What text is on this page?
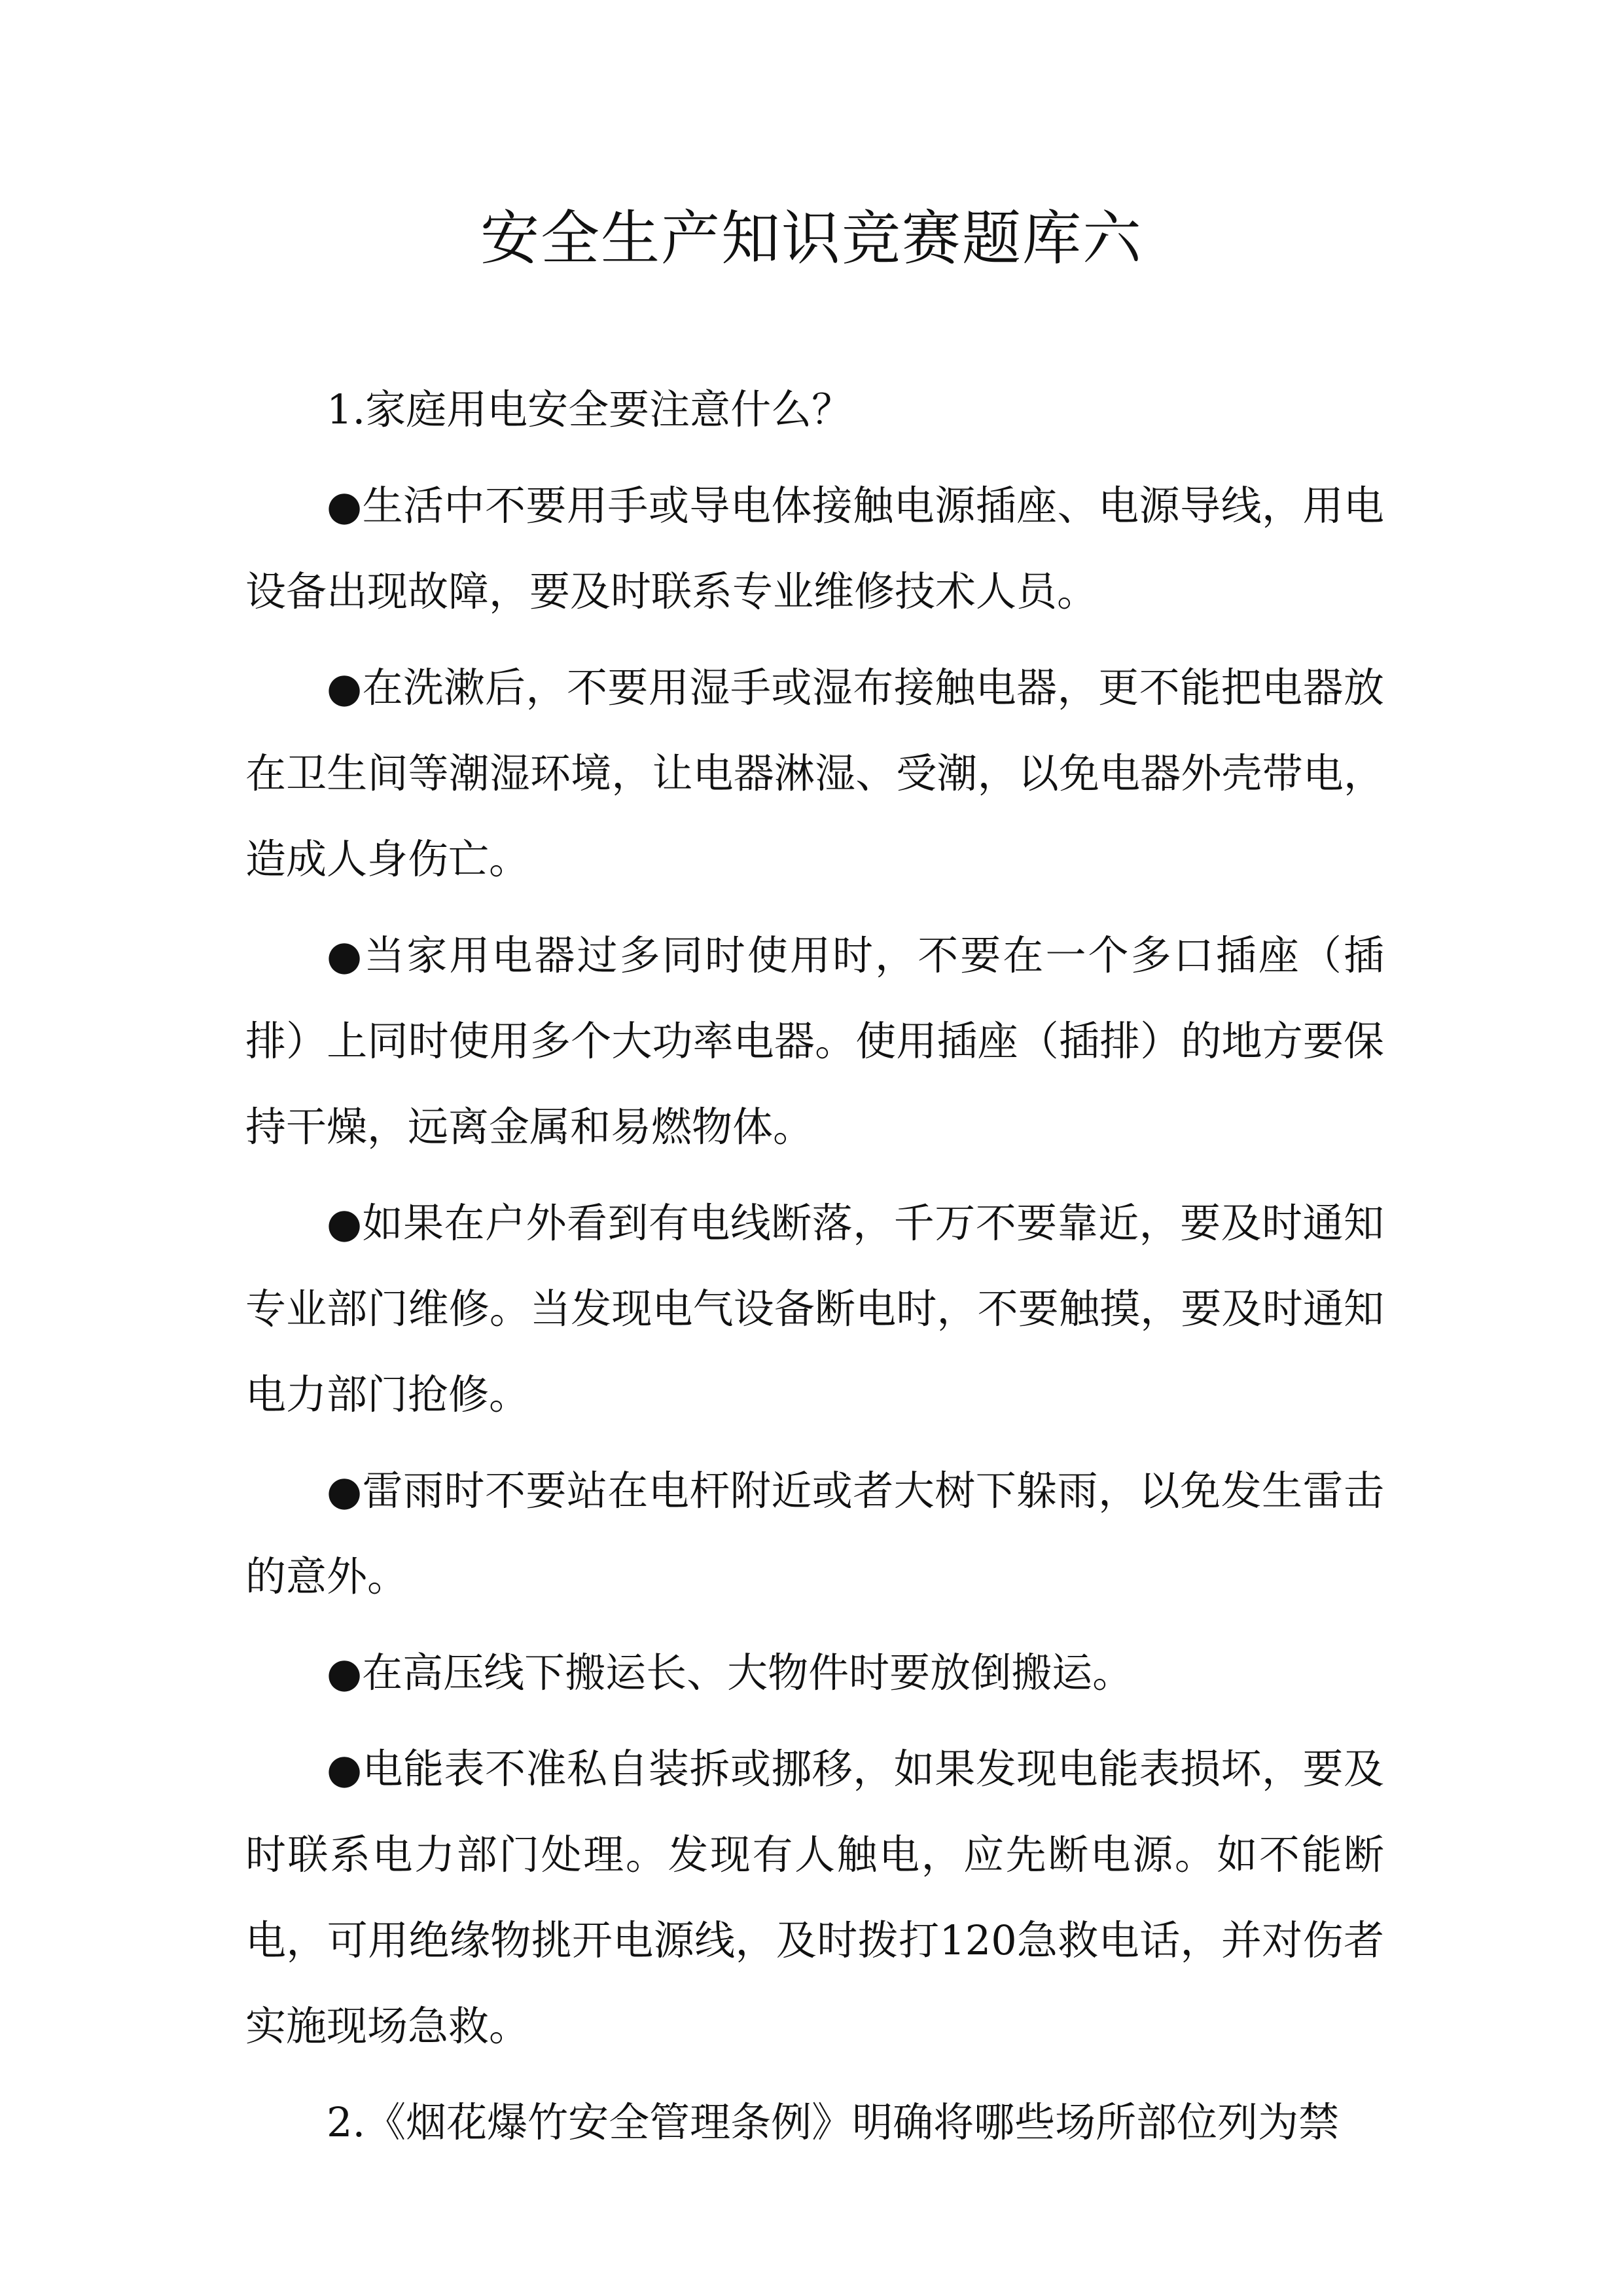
安全生产知识竞赛题库六

1.家庭用电安全要注意什么？

●生活中不要用手或导电体接触电源插座、电源导线，用电设备出现故障，要及时联系专业维修技术人员。

●在洗漱后，不要用湿手或湿布接触电器，更不能把电器放在卫生间等潮湿环境，让电器淋湿、受潮，以免电器外壳带电，造成人身伤亡。

●当家用电器过多同时使用时，不要在一个多口插座（插排）上同时使用多个大功率电器。使用插座（插排）的地方要保持干燥，远离金属和易燃物体。

●如果在户外看到有电线断落，千万不要靠近，要及时通知专业部门维修。当发现电气设备断电时，不要触摸，要及时通知电力部门抢修。

●雷雨时不要站在电杆附近或者大树下躲雨，以免发生雷击的意外。

●在高压线下搬运长、大物件时要放倒搬运。

●电能表不准私自装拆或挪移，如果发现电能表损坏，要及时联系电力部门处理。发现有人触电，应先断电源。如不能断电，可用绝缘物挑开电源线，及时拨打120急救电话，并对伤者实施现场急救。

2.《烟花爆竹安全管理条例》明确将哪些场所部位列为禁
